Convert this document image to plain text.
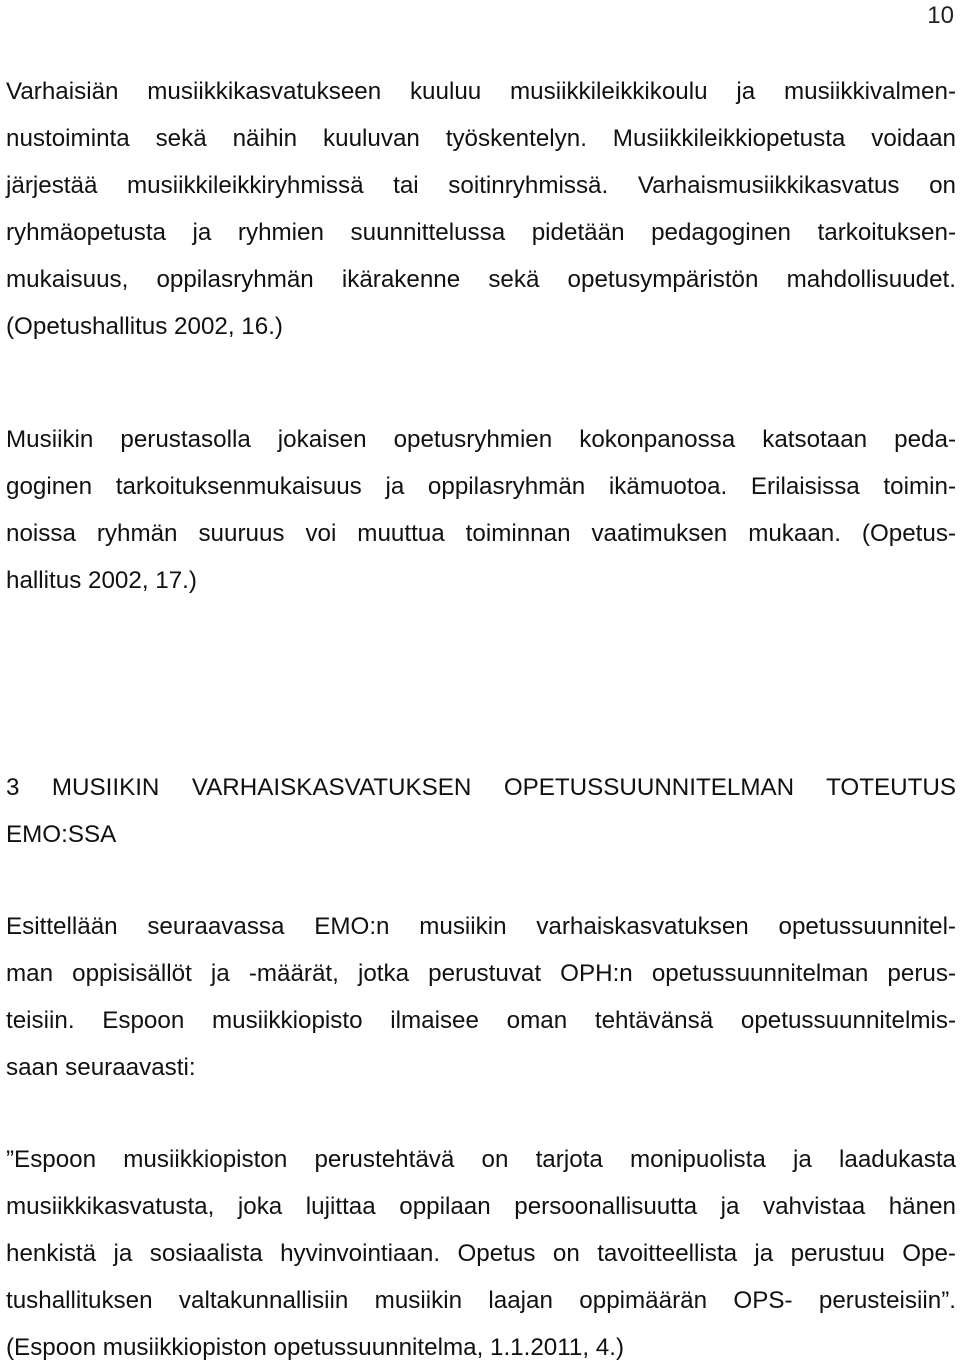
10
Varhaisiän musiikkikasvatukseen kuuluu musiikkileikkikoulu ja musiikkivalmen-
nustoiminta sekä näihin kuuluvan työskentelyn. Musiikkileikkiopetusta voidaan
järjestää musiikkileikkiryhmissä tai soitinryhmissä. Varhaismusiikkikasvatus on
ryhmäopetusta ja ryhmien suunnittelussa pidetään pedagoginen tarkoituksen-
mukaisuus, oppilasryhmän ikärakenne sekä opetusympäristön mahdollisuudet.
(Opetushallitus 2002, 16.)
Musiikin perustasolla jokaisen opetusryhmien kokonpanossa katsotaan peda-
goginen tarkoituksenmukaisuus ja oppilasryhmän ikämuotoa. Erilaisissa toimin-
noissa ryhmän suuruus voi muuttua toiminnan vaatimuksen mukaan. (Opetus-
hallitus 2002, 17.)
3 MUSIIKIN VARHAISKASVATUKSEN OPETUSSUUNNITELMAN TOTEUTUS
EMO:SSA
Esittellään seuraavassa EMO:n musiikin varhaiskasvatuksen opetussuunnitel-
man oppisisällöt ja -määrät, jotka perustuvat OPH:n opetussuunnitelman perus-
teisiin. Espoon musiikkiopisto ilmaisee oman tehtävänsä opetussuunnitelmis-
saan seuraavasti:
”Espoon musiikkiopiston perustehtävä on tarjota monipuolista ja laadukasta
musiikkikasvatusta, joka lujittaa oppilaan persoonallisuutta ja vahvistaa hänen
henkistä ja sosiaalista hyvinvointiaan. Opetus on tavoitteellista ja perustuu Ope-
tushallituksen valtakunnallisiin musiikin laajan oppimäärän OPS- perusteisiin”.
(Espoon musiikkiopiston opetussuunnitelma, 1.1.2011, 4.)
